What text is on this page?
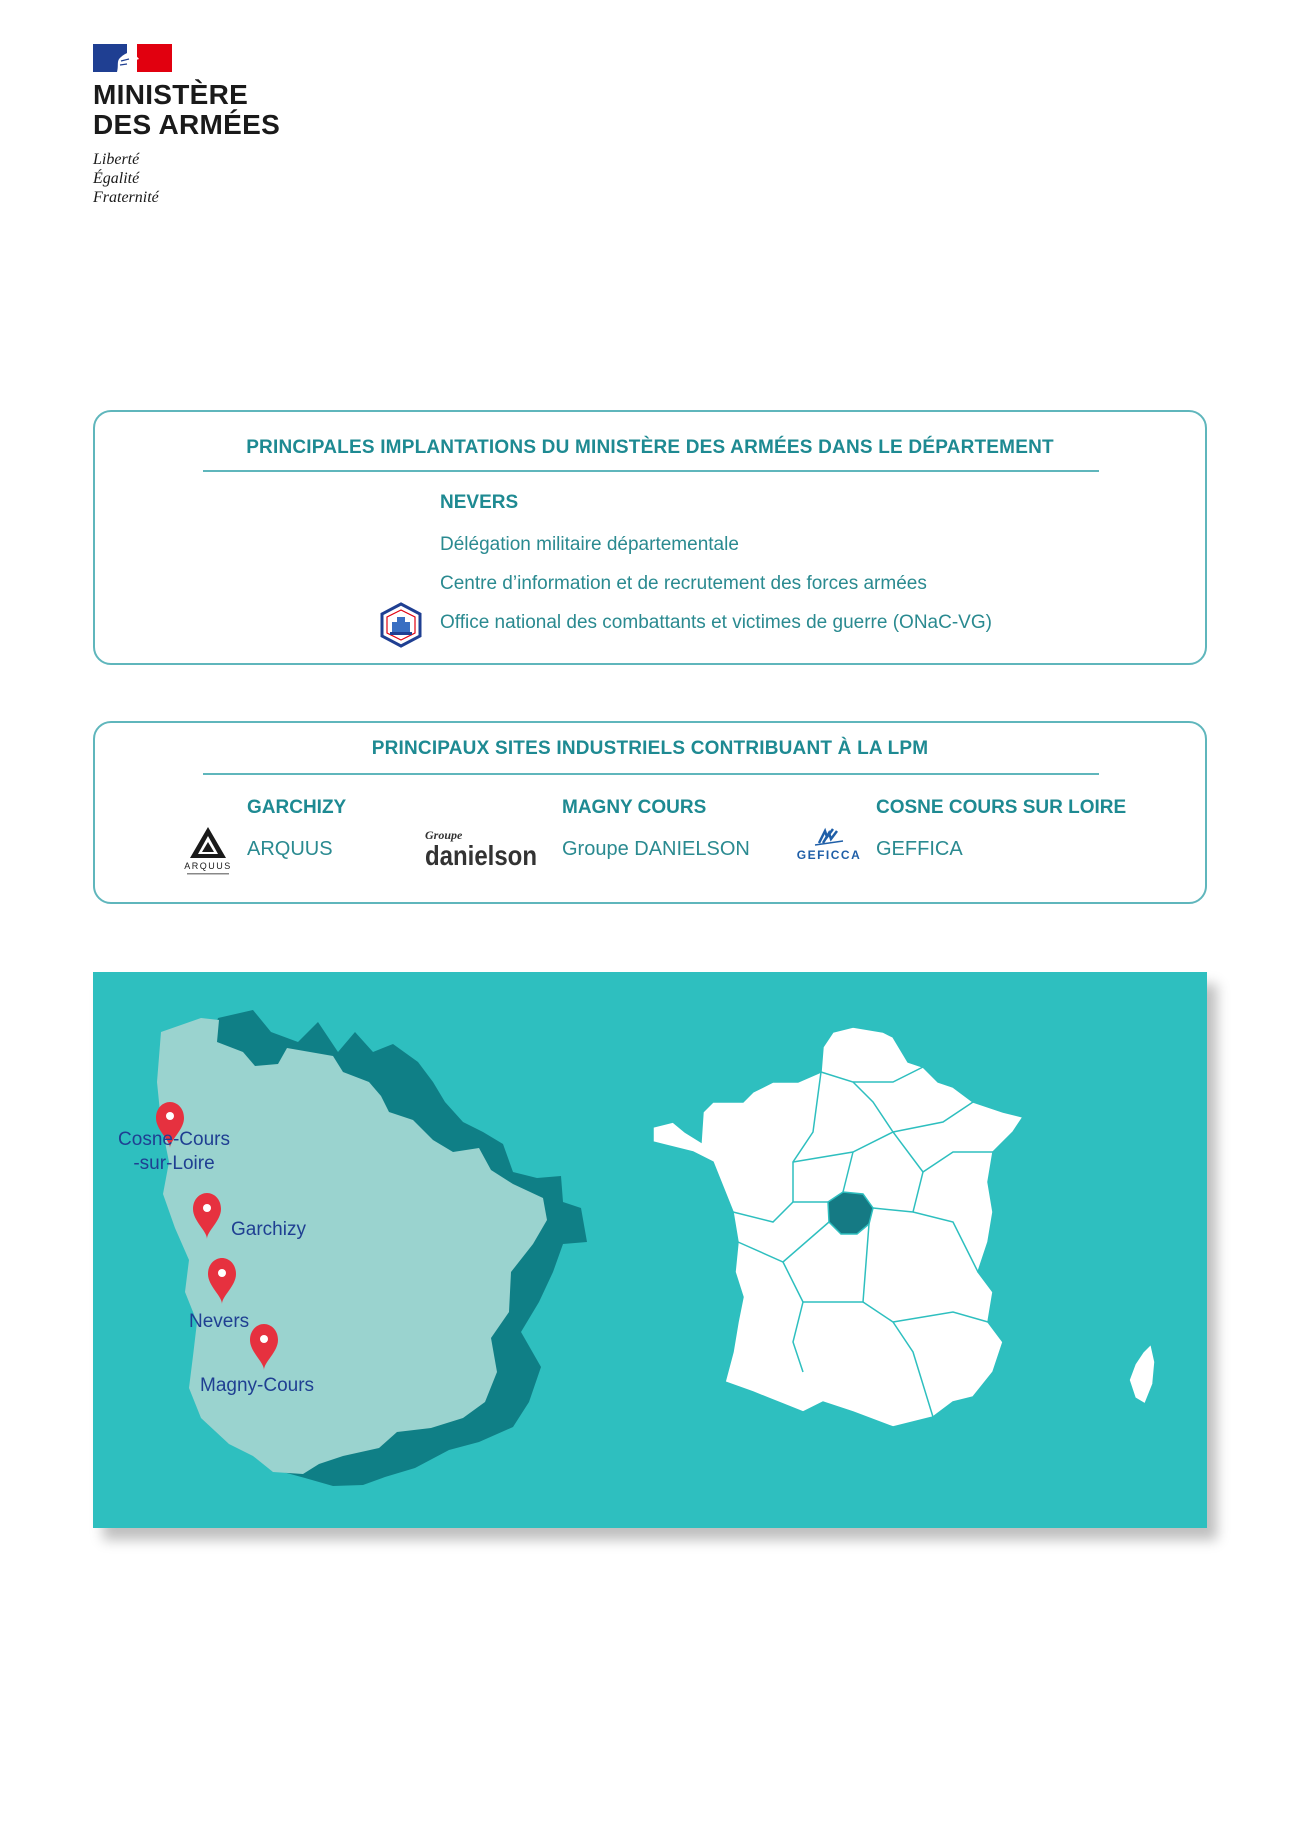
MINISTÈRE
DES ARMÉES
Liberté
Égalité
Fraternité
PRINCIPALES IMPLANTATIONS DU MINISTÈRE DES ARMÉES DANS LE DÉPARTEMENT
NEVERS
Délégation militaire départementale
Centre d’information et de recrutement des forces armées
Office national des combattants et victimes de guerre (ONaC-VG)
PRINCIPAUX SITES INDUSTRIELS CONTRIBUANT À LA LPM
GARCHIZY
ARQUUS
ARQUUS
Groupe
danielson
MAGNY COURS
Groupe DANIELSON	GEFICCA
COSNE COURS SUR LOIRE
GEFFICA
Cosne-Cours
-sur-Loire
Garchizy
Nevers
Magny-Cours
